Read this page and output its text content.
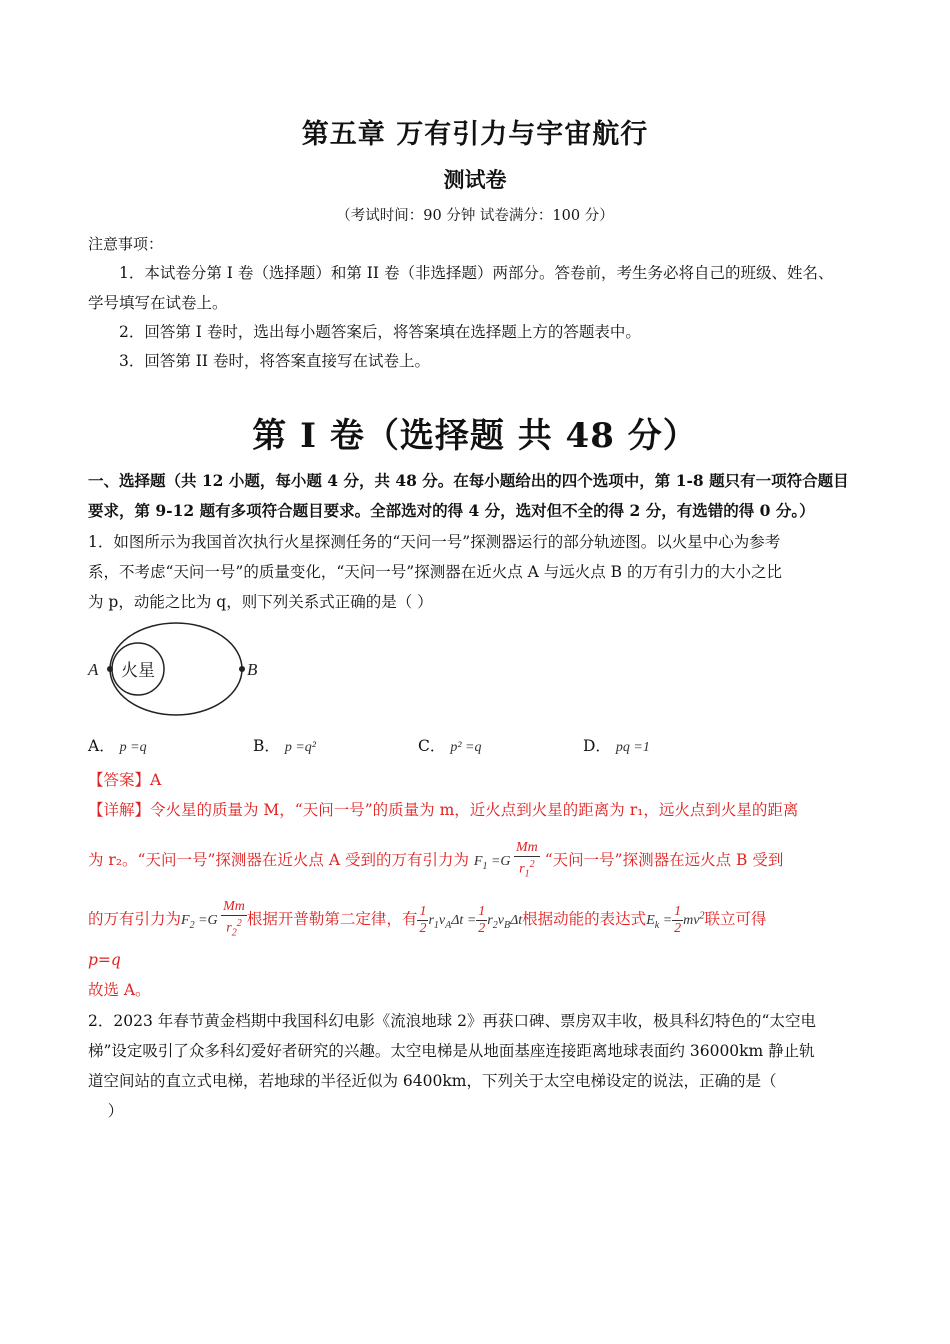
第五章 万有引力与宇宙航行
测试卷
（考试时间：90 分钟 试卷满分：100 分）
注意事项：
1．本试卷分第 I 卷（选择题）和第 II 卷（非选择题）两部分。答卷前，考生务必将自己的班级、姓名、
学号填写在试卷上。
2．回答第 I 卷时，选出每小题答案后，将答案填在选择题上方的答题表中。
3．回答第 II 卷时，将答案直接写在试卷上。
第 I 卷（选择题 共 48 分）
一、选择题（共 12 小题，每小题 4 分，共 48 分。在每小题给出的四个选项中，第 1-8 题只有一项符合题目
要求，第 9-12 题有多项符合题目要求。全部选对的得 4 分，选对但不全的得 2 分，有选错的得 0 分。）
1．如图所示为我国首次执行火星探测任务的“天问一号”探测器运行的部分轨迹图。以火星中心为参考
系，不考虑“天问一号”的质量变化，“天问一号”探测器在近火点 A 与远火点 B 的万有引力的大小之比
为 p，动能之比为 q，则下列关系式正确的是（ ）
火星
A	B
A． p =q	B． p =q²	C． p² =q	D． pq =1
【答案】A
【详解】令火星的质量为 M，“天问一号”的质量为 m，近火点到火星的距离为 r₁，远火点到火星的距离
为 r₂。“天问一号”探测器在近火点 A 受到的万有引力为 $F_1 =G \frac{Mm}{r_1^2}$ “天问一号”探测器在远火点 B 受到
的万有引力为$F_2 =G \frac{Mm}{r_2^2}$ 根据开普勒第二定律，有 $\frac{1}{2} r_1v_A\Delta t = \frac{1}{2} r_2v_B\Delta t$根据动能的表达式$E_k = \frac{1}{2} mv^2$联立可得
p=q
故选 A。
2．2023 年春节黄金档期中我国科幻电影《流浪地球 2》再获口碑、票房双丰收，极具科幻特色的“太空电
梯”设定吸引了众多科幻爱好者研究的兴趣。太空电梯是从地面基座连接距离地球表面约 36000km 静止轨
道空间站的直立式电梯，若地球的半径近似为 6400km，下列关于太空电梯设定的说法，正确的是（
）
